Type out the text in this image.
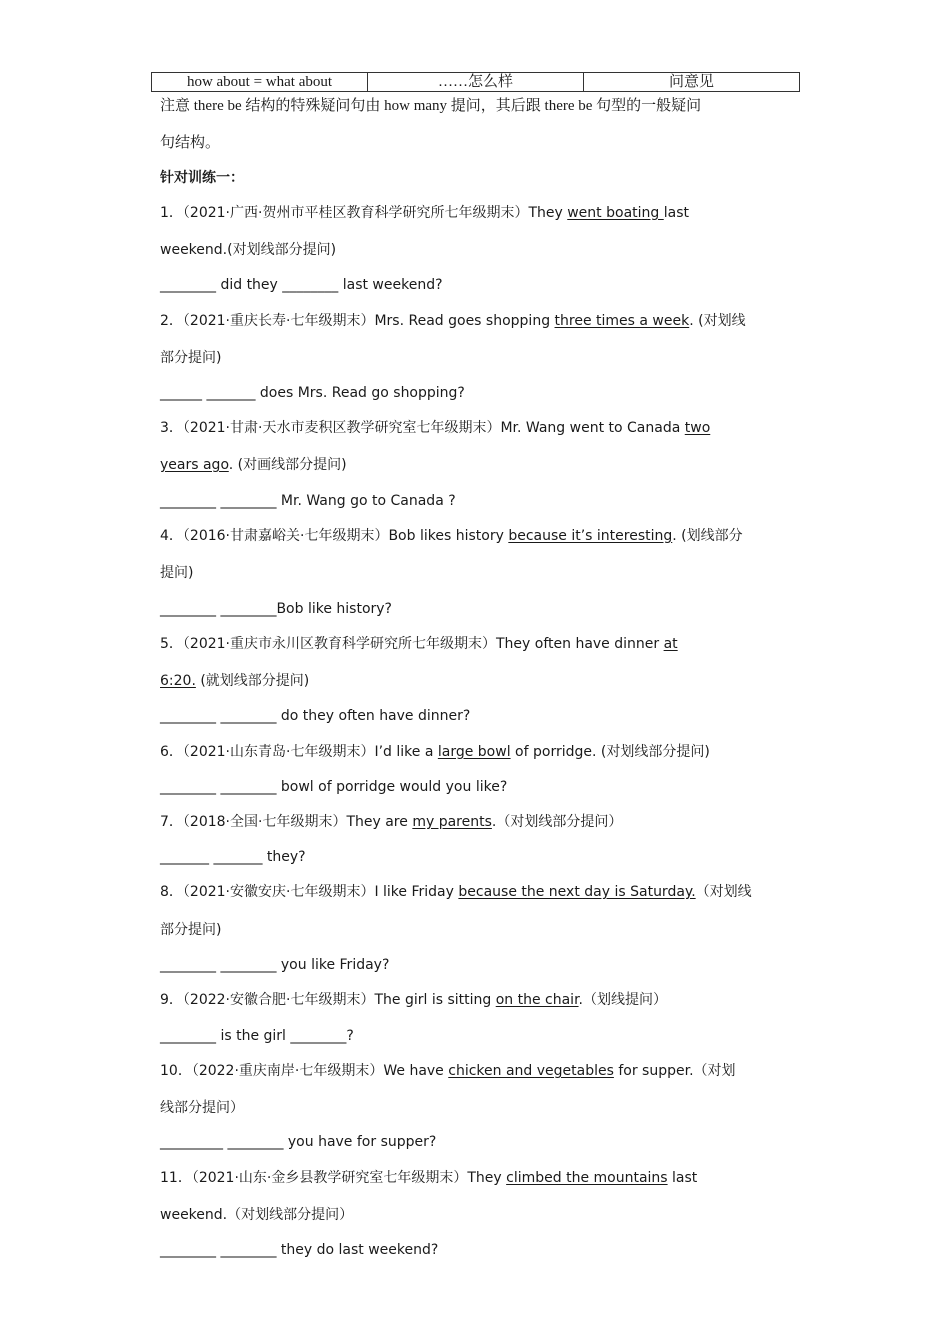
how about = what about	……怎么样	问意见
注意 there be 结构的特殊疑问句由 how many 提问，其后跟 there be 句型的一般疑问
句结构。
针对训练一：
1．（2021·广西·贺州市平桂区教育科学研究所七年级期末）They went boating last
weekend.(对划线部分提问)
________ did they ________ last weekend?
2．（2021·重庆长寿·七年级期末）Mrs. Read goes shopping three times a week. (对划线
部分提问)
______ _______ does Mrs. Read go shopping?
3．（2021·甘肃·天水市麦积区教学研究室七年级期末）Mr. Wang went to Canada two
years ago. (对画线部分提问)
________ ________ Mr. Wang go to Canada ?
4．（2016·甘肃嘉峪关·七年级期末）Bob likes history because it’s interesting. (划线部分
提问)
________ ________Bob like history?
5．（2021·重庆市永川区教育科学研究所七年级期末）They often have dinner at
6:20. (就划线部分提问)
________ ________ do they often have dinner?
6．（2021·山东青岛·七年级期末）I’d like a large bowl of porridge. (对划线部分提问)
________ ________ bowl of porridge would you like?
7．（2018·全国·七年级期末）They are my parents.（对划线部分提问）
_______ _______ they?
8．（2021·安徽安庆·七年级期末）I like Friday because the next day is Saturday.（对划线
部分提问)
________ ________ you like Friday?
9．（2022·安徽合肥·七年级期末）The girl is sitting on the chair.（划线提问）
________ is the girl ________?
10．（2022·重庆南岸·七年级期末）We have chicken and vegetables for supper.（对划
线部分提问）
_________ ________ you have for supper?
11．（2021·山东·金乡县教学研究室七年级期末）They climbed the mountains last
weekend.（对划线部分提问）
________ ________ they do last weekend?
